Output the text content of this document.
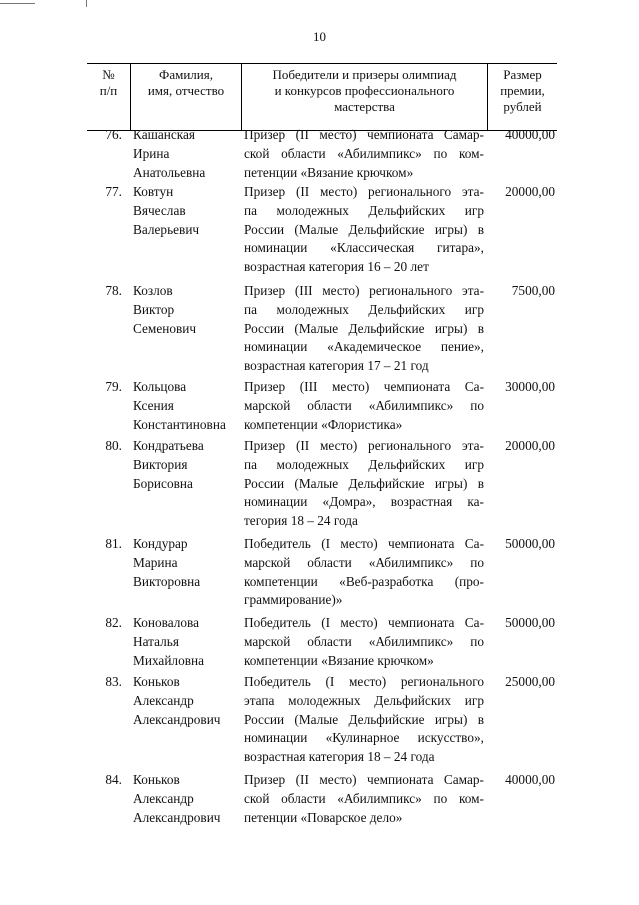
10
№
п/п
Фамилия,
имя, отчество
Победители и призеры олимпиад
и конкурсов профессионального
мастерства
Размер
премии,
рублей
76. Кашанская
Ирина
Анатольевна
Призер (II место) чемпионата Самар-
ской области «Абилимпикс» по ком-
петенции «Вязание крючком»
40000,00
77. Ковтун
Вячеслав
Валерьевич
Призер (II место) регионального эта-
па молодежных Дельфийских игр
России (Малые Дельфийские игры) в
номинации «Классическая гитара»,
возрастная категория 16 – 20 лет
20000,00
78. Козлов
Виктор
Семенович
Призер (III место) регионального эта-
па молодежных Дельфийских игр
России (Малые Дельфийские игры) в
номинации «Академическое пение»,
возрастная категория 17 – 21 год
7500,00
79. Кольцова
Ксения
Константиновна
Призер (III место) чемпионата Са-
марской области «Абилимпикс» по
компетенции «Флористика»
30000,00
80. Кондратьева
Виктория
Борисовна
Призер (II место) регионального эта-
па молодежных Дельфийских игр
России (Малые Дельфийские игры) в
номинации «Домра», возрастная ка-
тегория 18 – 24 года
20000,00
81. Кондурар
Марина
Викторовна
Победитель (I место) чемпионата Са-
марской области «Абилимпикс» по
компетенции «Веб-разработка (про-
граммирование)»
50000,00
82. Коновалова
Наталья
Михайловна
Победитель (I место) чемпионата Са-
марской области «Абилимпикс» по
компетенции «Вязание крючком»
50000,00
83. Коньков
Александр
Александрович
Победитель (I место) регионального
этапа молодежных Дельфийских игр
России (Малые Дельфийские игры) в
номинации «Кулинарное искусство»,
возрастная категория 18 – 24 года
25000,00
84. Коньков
Александр
Александрович
Призер (II место) чемпионата Самар-
ской области «Абилимпикс» по ком-
петенции «Поварское дело»
40000,00
